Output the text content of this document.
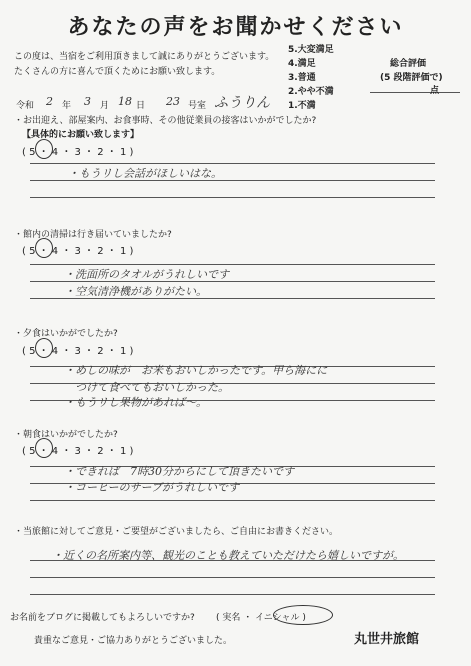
あなたの声をお聞かせください
この度は、当宿をご利用頂きまして誠にありがとうございます。
たくさんの方に喜んで頂くためにお願い致します。
5.大変満足
4.満足
3.普通
2.やや不満
1.不満
総合評価
(5 段階評価で)
点
令和 2 年 3 月 18 日 23 号室 ふうりん
・お出迎え、部屋案内、お食事時、その他従業員の接客はいかがでしたか?
【具体的にお願い致します】
( 5 ・ 4 ・ 3 ・ 2 ・ 1 )
・もうリし会話がほしいはな。
・館内の清掃は行き届いていましたか?
( 5 ・ 4 ・ 3 ・ 2 ・ 1 )
・洗面所のタオルがうれしいです
・空気清浄機がありがたい。
・夕食はいかがでしたか?
( 5 ・ 4 ・ 3 ・ 2 ・ 1 )
・めしの味が　お米もおいしかったです。甲ら海にに
　つけて食べてもおいしかった。
・もうリし果物があれば〜。
・朝食はいかがでしたか?
( 5 ・ 4 ・ 3 ・ 2 ・ 1 )
・できれば　7時30分からにして頂きたいです
・コーヒーのサーブがうれしいです
・当旅館に対してご意見・ご要望がございましたら、ご自由にお書きください。
・近くの名所案内等、観光のことも教えていただけたら嬉しいですが。
お名前をブログに掲載してもよろしいですか? ( 実名 ・ イニシャル )
貴重なご意見・ご協力ありがとうございました。	丸世井旅館
